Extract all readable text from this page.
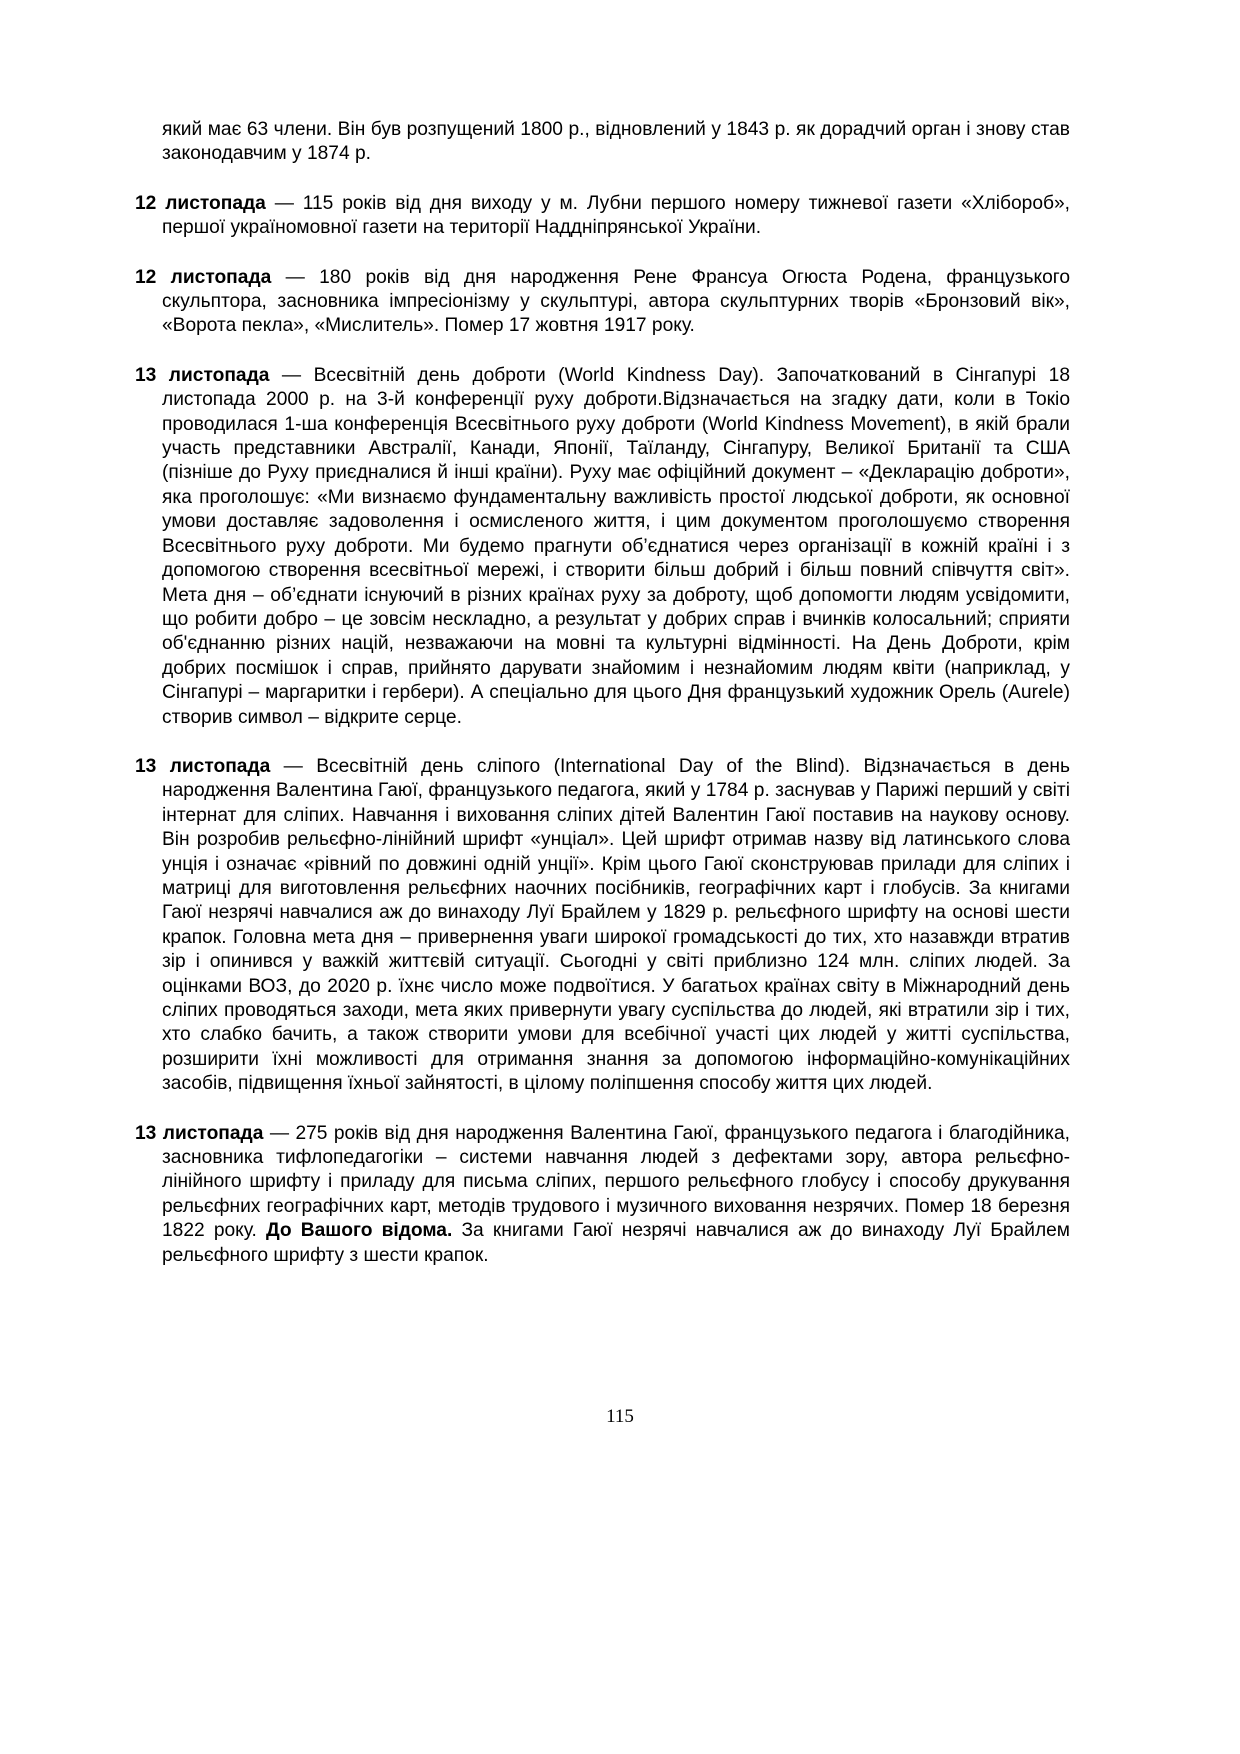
який має 63 члени. Він був розпущений 1800 р., відновлений у 1843 р. як дорадчий орган і знову став законодавчим у 1874 р.

12 листопада — 115 років від дня виходу у м. Лубни першого номеру тижневої газети «Хлібороб», першої україномовної газети на території Наддніпрянської України.

12 листопада — 180 років від дня народження Рене Франсуа Огюста Родена, французького скульптора, засновника імпресіонізму у скульптурі, автора скульптурних творів «Бронзовий вік», «Ворота пекла», «Мислитель». Помер 17 жовтня 1917 року.

13 листопада — Всесвітній день доброти (World Kindness Day). Започаткований в Сінгапурі 18 листопада 2000 р. на 3-й конференції руху доброти.Відзначається на згадку дати, коли в Токіо проводилася 1-ша конференція Всесвітнього руху доброти (World Kindness Movement), в якій брали участь представники Австралії, Канади, Японії, Таїланду, Сінгапуру, Великої Британії та США (пізніше до Руху приєдналися й інші країни). Руху має офіційний документ – «Декларацію доброти», яка проголошує: «Ми визнаємо фундаментальну важливість простої людської доброти, як основної умови доставляє задоволення і осмисленого життя, і цим документом проголошуємо створення Всесвітнього руху доброти. Ми будемо прагнути об’єднатися через організації в кожній країні і з допомогою створення всесвітньої мережі, і створити більш добрий і більш повний співчуття світ». Мета дня – об’єднати існуючий в різних країнах руху за доброту, щоб допомогти людям усвідомити, що робити добро – це зовсім нескладно, а результат у добрих справ і вчинків колосальний; сприяти об'єднанню різних націй, незважаючи на мовні та культурні відмінності. На День Доброти, крім добрих посмішок і справ, прийнято дарувати знайомим і незнайомим людям квіти (наприклад, у Сінгапурі – маргаритки і гербери). А спеціально для цього Дня французький художник Орель (Aurele) створив символ – відкрите серце.

13 листопада — Всесвітній день сліпого (International Day of the Blind). Відзначається в день народження Валентина Гаюї, французького педагога, який у 1784 р. заснував у Парижі перший у світі інтернат для сліпих. Навчання і виховання сліпих дітей Валентин Гаюї поставив на наукову основу. Він розробив рельєфно-лінійний шрифт «унціал». Цей шрифт отримав назву від латинського слова унція і означає «рівний по довжині одній унції». Крім цього Гаюї сконструював прилади для сліпих і матриці для виготовлення рельєфних наочних посібників, географічних карт і глобусів. За книгами Гаюї незрячі навчалися аж до винаходу Луї Брайлем у 1829 р. рельєфного шрифту на основі шести крапок. Головна мета дня – привернення уваги широкої громадськості до тих, хто назавжди втратив зір і опинився у важкій життєвій ситуації. Сьогодні у світі приблизно 124 млн. сліпих людей. За оцінками ВОЗ, до 2020 р. їхнє число може подвоїтися. У багатьох країнах світу в Міжнародний день сліпих проводяться заходи, мета яких привернути увагу суспільства до людей, які втратили зір і тих, хто слабко бачить, а також створити умови для всебічної участі цих людей у житті суспільства, розширити їхні можливості для отримання знання за допомогою інформаційно-комунікаційних засобів, підвищення їхньої зайнятості, в цілому поліпшення способу життя цих людей.

13 листопада — 275 років від дня народження Валентина Гаюї, французького педагога і благодійника, засновника тифлопедагогіки – системи навчання людей з дефектами зору, автора рельєфно-лінійного шрифту і приладу для письма сліпих, першого рельєфного глобусу і способу друкування рельєфних географічних карт, методів трудового і музичного виховання незрячих. Помер 18 березня 1822 року. До Вашого відома. За книгами Гаюї незрячі навчалися аж до винаходу Луї Брайлем рельєфного шрифту з шести крапок.

115
